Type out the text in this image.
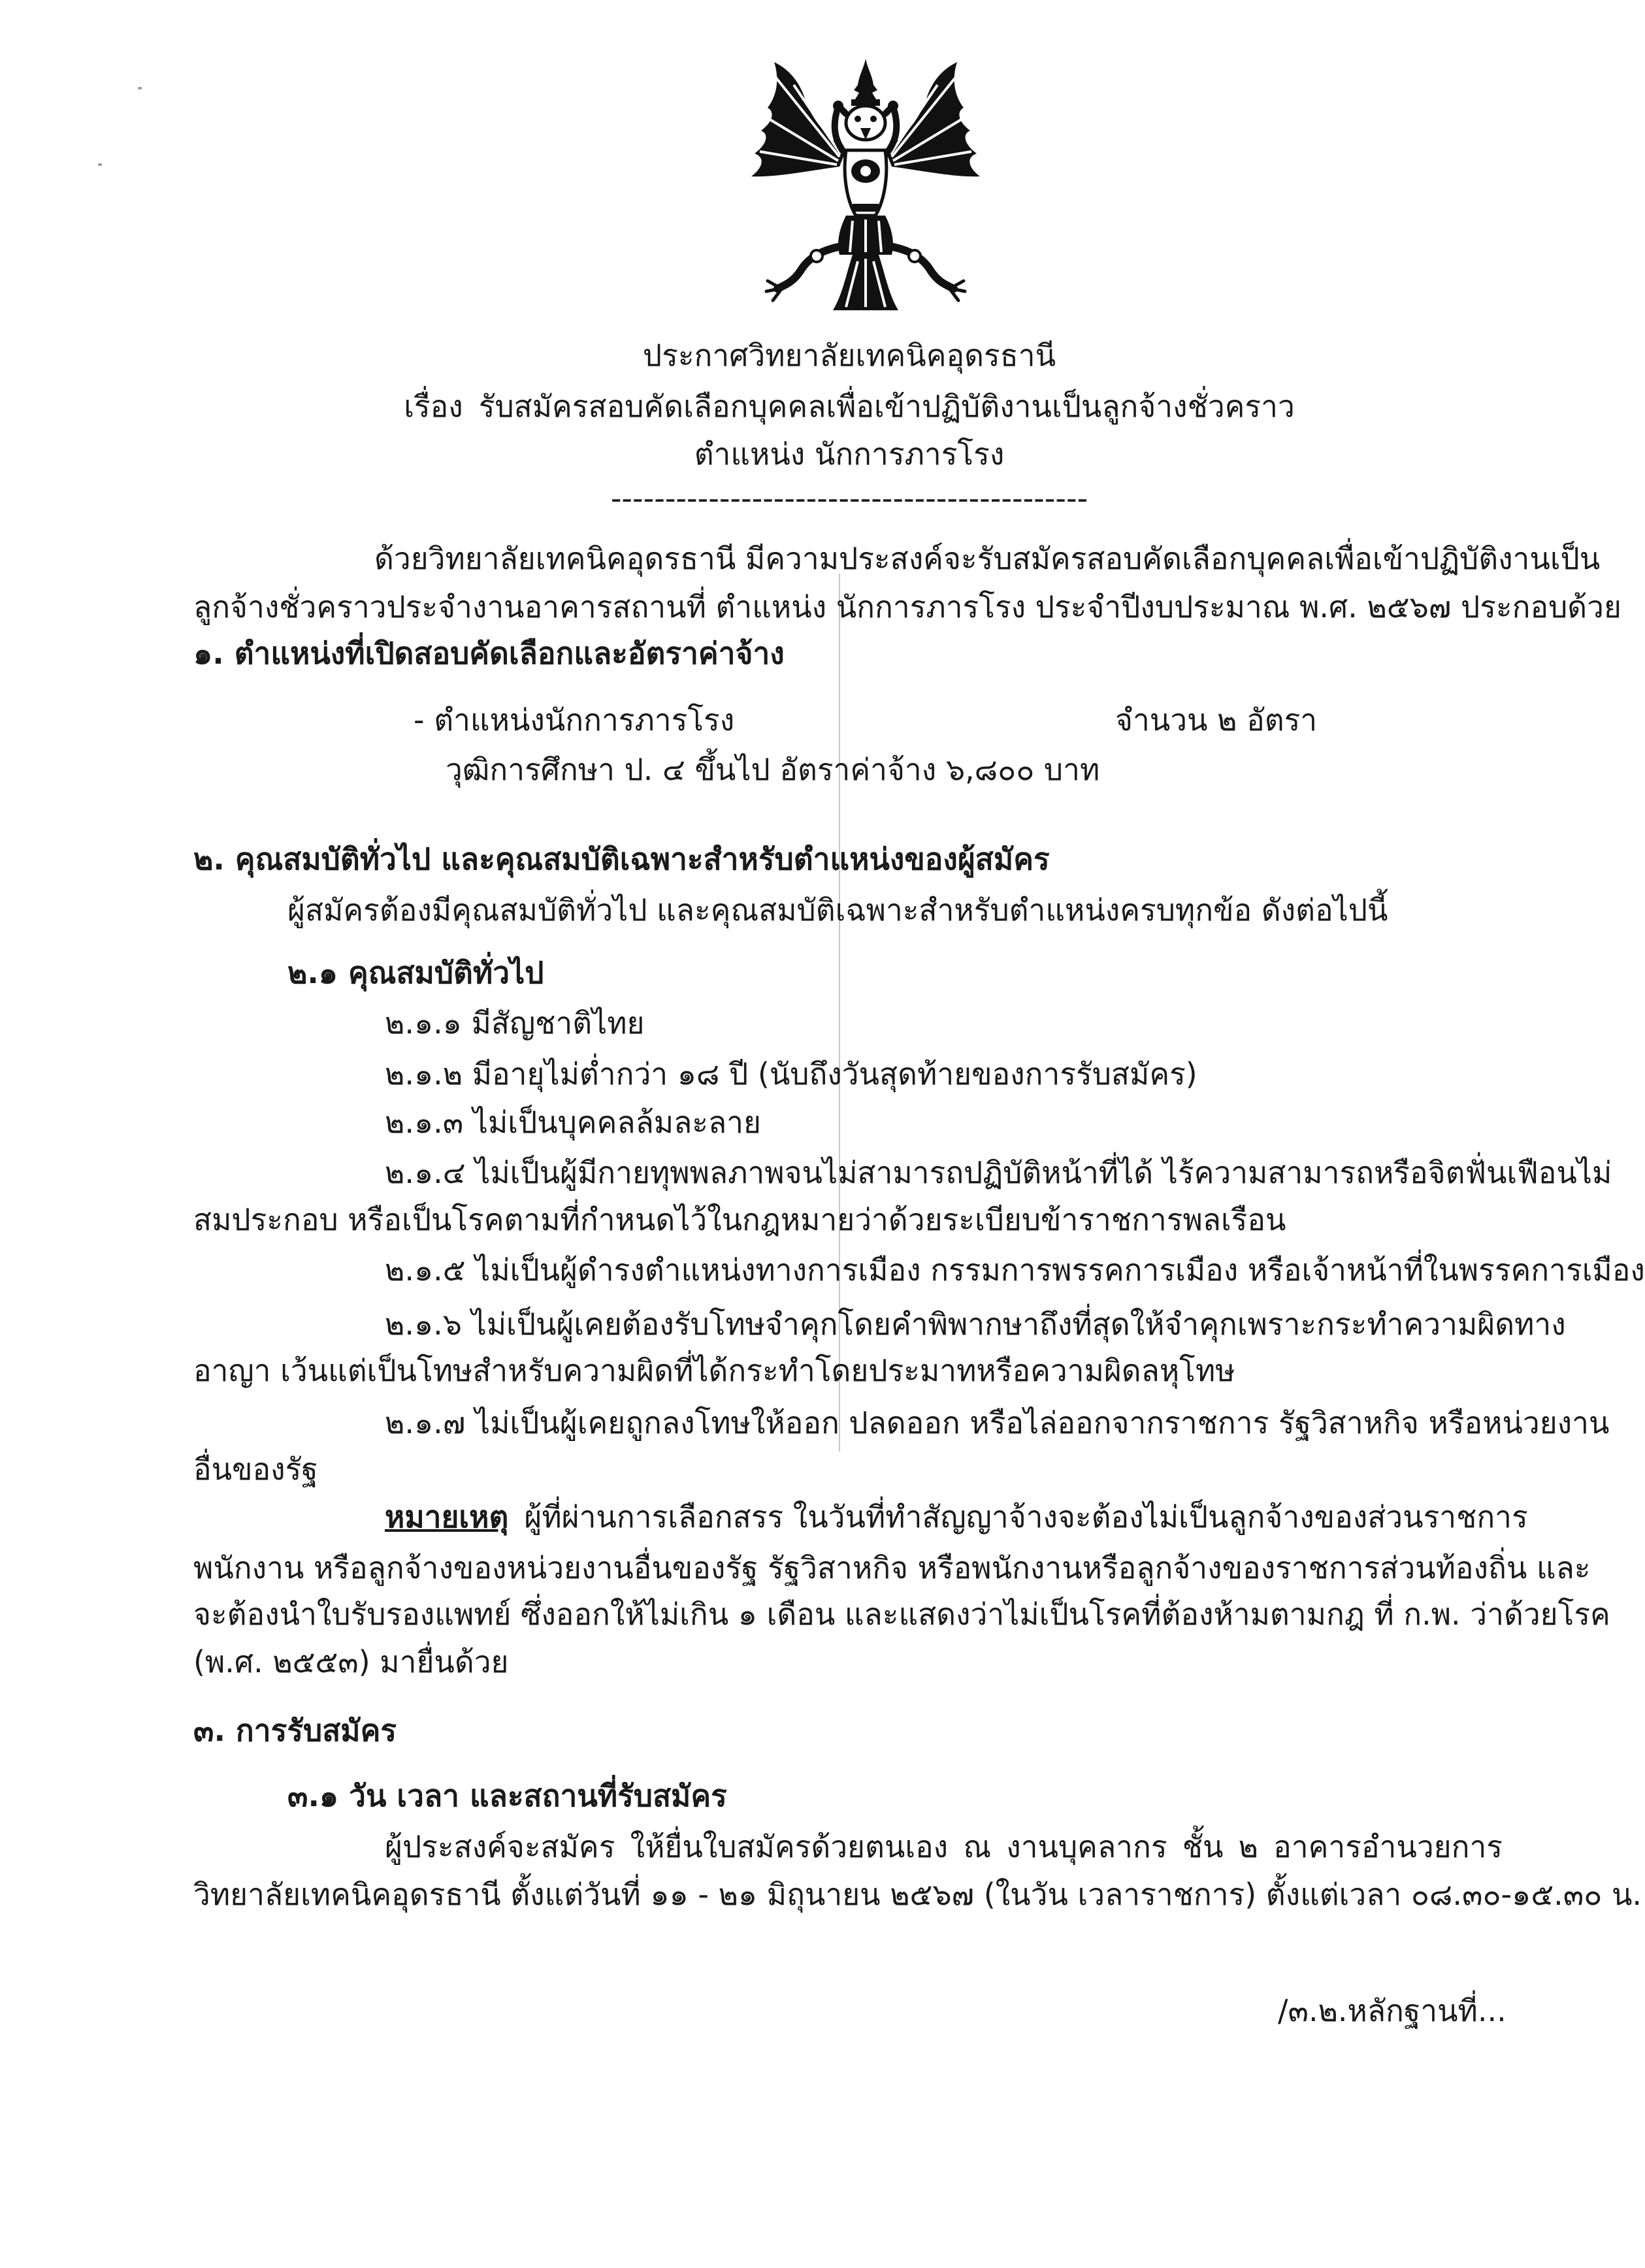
ประกาศวิทยาลัยเทคนิคอุดรธานี
เรื่อง รับสมัครสอบคัดเลือกบุคคลเพื่อเข้าปฏิบัติงานเป็นลูกจ้างชั่วคราว
ตำแหน่ง นักการภารโรง
--------------------------------------------
ด้วยวิทยาลัยเทคนิคอุดรธานี มีความประสงค์จะรับสมัครสอบคัดเลือกบุคคลเพื่อเข้าปฏิบัติงานเป็น
ลูกจ้างชั่วคราวประจำงานอาคารสถานที่ ตำแหน่ง นักการภารโรง ประจำปีงบประมาณ พ.ศ. ๒๕๖๗ ประกอบด้วย
๑. ตำแหน่งที่เปิดสอบคัดเลือกและอัตราค่าจ้าง
- ตำแหน่งนักการภารโรง	จำนวน ๒ อัตรา
วุฒิการศึกษา ป. ๔ ขึ้นไป อัตราค่าจ้าง ๖,๘๐๐ บาท
๒. คุณสมบัติทั่วไป และคุณสมบัติเฉพาะสำหรับตำแหน่งของผู้สมัคร
ผู้สมัครต้องมีคุณสมบัติทั่วไป และคุณสมบัติเฉพาะสำหรับตำแหน่งครบทุกข้อ ดังต่อไปนี้
๒.๑ คุณสมบัติทั่วไป
๒.๑.๑ มีสัญชาติไทย
๒.๑.๒ มีอายุไม่ต่ำกว่า ๑๘ ปี (นับถึงวันสุดท้ายของการรับสมัคร)
๒.๑.๓ ไม่เป็นบุคคลล้มละลาย
๒.๑.๔ ไม่เป็นผู้มีกายทุพพลภาพจนไม่สามารถปฏิบัติหน้าที่ได้ ไร้ความสามารถหรือจิตฟั่นเฟือนไม่
สมประกอบ หรือเป็นโรคตามที่กำหนดไว้ในกฎหมายว่าด้วยระเบียบข้าราชการพลเรือน
๒.๑.๕ ไม่เป็นผู้ดำรงตำแหน่งทางการเมือง กรรมการพรรคการเมือง หรือเจ้าหน้าที่ในพรรคการเมือง
๒.๑.๖ ไม่เป็นผู้เคยต้องรับโทษจำคุกโดยคำพิพากษาถึงที่สุดให้จำคุกเพราะกระทำความผิดทาง
อาญา เว้นแต่เป็นโทษสำหรับความผิดที่ได้กระทำโดยประมาทหรือความผิดลหุโทษ
๒.๑.๗ ไม่เป็นผู้เคยถูกลงโทษให้ออก ปลดออก หรือไล่ออกจากราชการ รัฐวิสาหกิจ หรือหน่วยงาน
อื่นของรัฐ
หมายเหตุ ผู้ที่ผ่านการเลือกสรร ในวันที่ทำสัญญาจ้างจะต้องไม่เป็นลูกจ้างของส่วนราชการ
พนักงาน หรือลูกจ้างของหน่วยงานอื่นของรัฐ รัฐวิสาหกิจ หรือพนักงานหรือลูกจ้างของราชการส่วนท้องถิ่น และ
จะต้องนำใบรับรองแพทย์ ซึ่งออกให้ไม่เกิน ๑ เดือน และแสดงว่าไม่เป็นโรคที่ต้องห้ามตามกฎ ที่ ก.พ. ว่าด้วยโรค
(พ.ศ. ๒๕๕๓) มายื่นด้วย
๓. การรับสมัคร
๓.๑ วัน เวลา และสถานที่รับสมัคร
ผู้ประสงค์จะสมัคร ให้ยื่นใบสมัครด้วยตนเอง ณ งานบุคลากร ชั้น ๒ อาคารอำนวยการ
วิทยาลัยเทคนิคอุดรธานี ตั้งแต่วันที่ ๑๑ - ๒๑ มิถุนายน ๒๕๖๗ (ในวัน เวลาราชการ) ตั้งแต่เวลา ๐๘.๓๐-๑๕.๓๐ น.
/๓.๒.หลักฐานที่...
